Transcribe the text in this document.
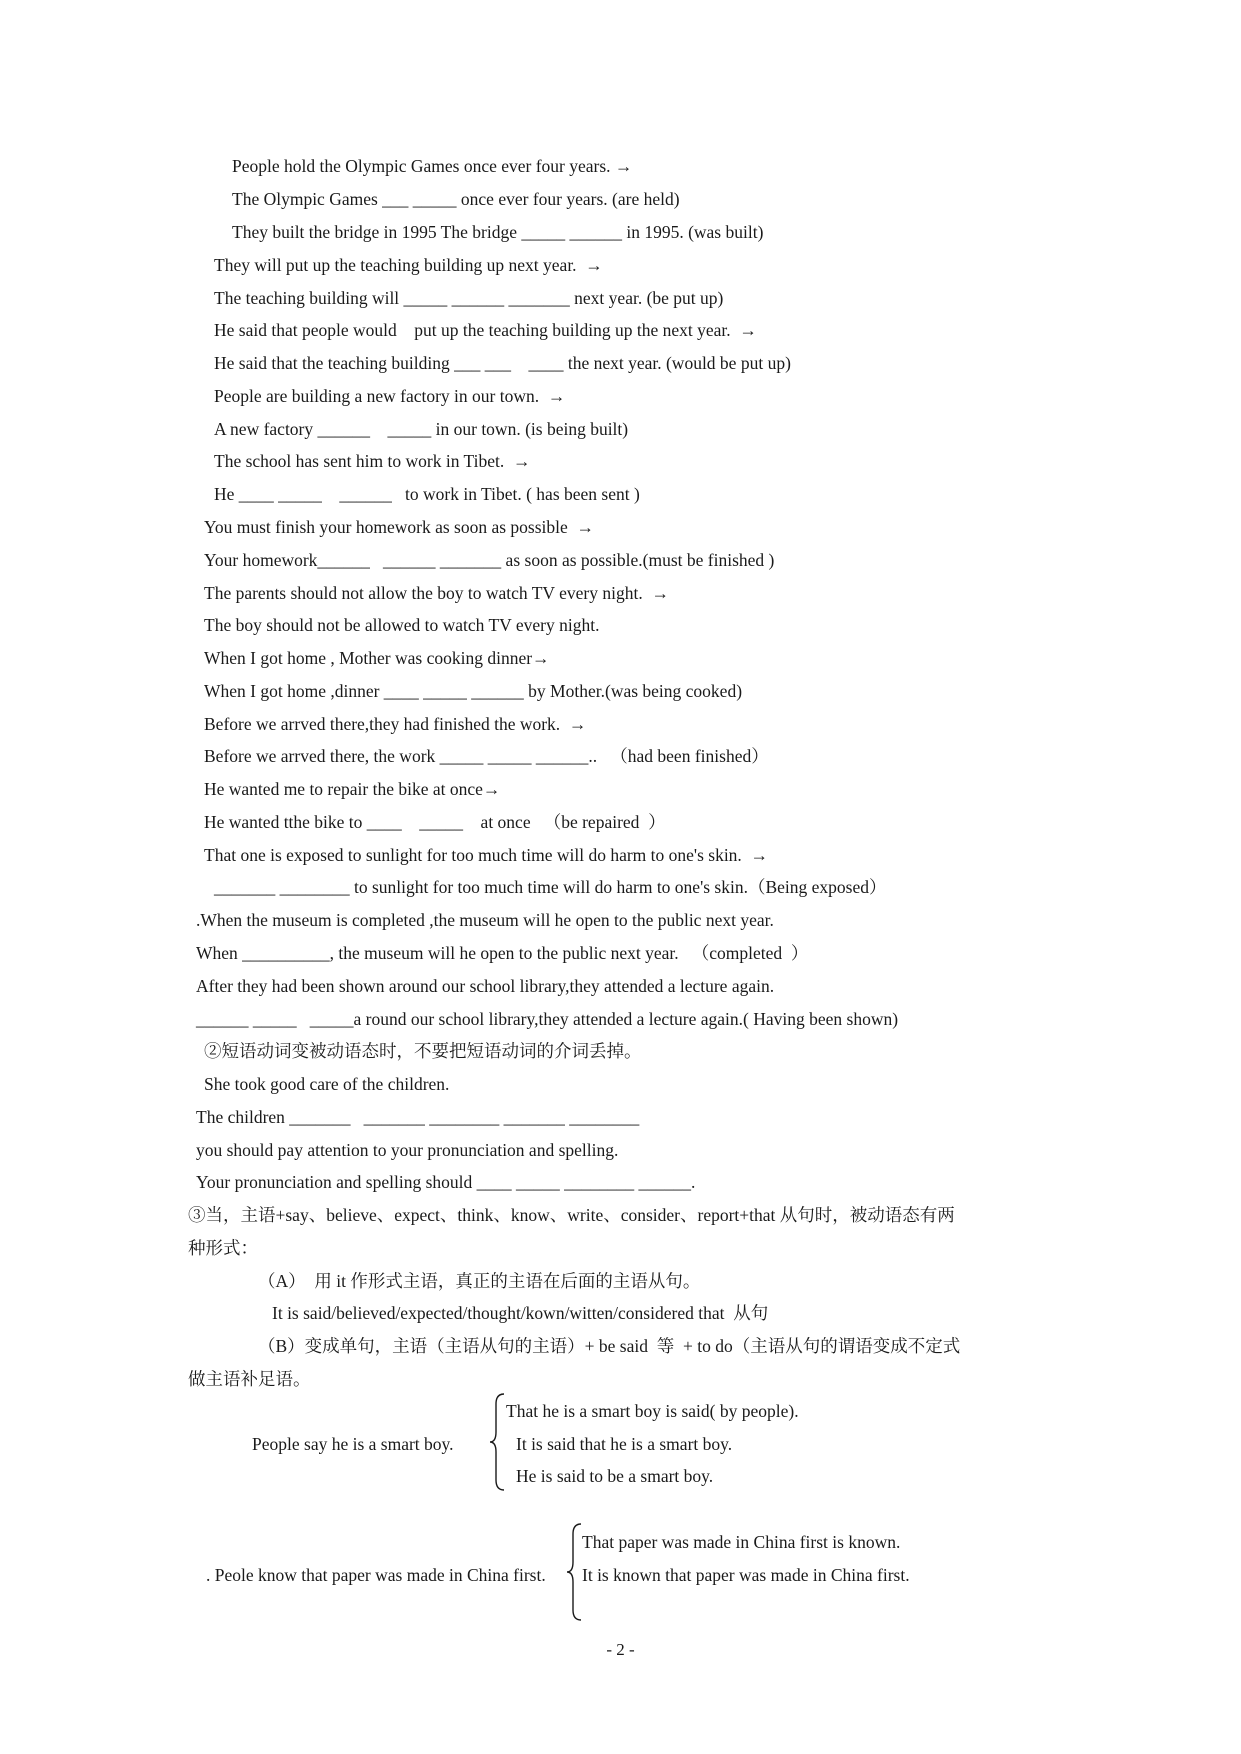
People hold the Olympic Games once ever four years. →
The Olympic Games ___ _____ once ever four years. (are held)
They built the bridge in 1995 The bridge _____ ______ in 1995. (was built)
They will put up the teaching building up next year.  →
The teaching building will _____ ______ _______ next year. (be put up)
He said that people would    put up the teaching building up the next year.  →
He said that the teaching building ___ ___    ____ the next year. (would be put up)
People are building a new factory in our town.  →
A new factory ______    _____ in our town. (is being built)
The school has sent him to work in Tibet.  →
He ____ _____    ______   to work in Tibet. ( has been sent )
You must finish your homework as soon as possible  →
Your homework______   ______ _______ as soon as possible.(must be finished )
The parents should not allow the boy to watch TV every night.  →
The boy should not be allowed to watch TV every night.
When I got home , Mother was cooking dinner→
When I got home ,dinner ____ _____ ______ by Mother.(was being cooked)
Before we arrved there,they had finished the work.  →
Before we arrved there, the work _____ _____ ______..   （had been finished）
He wanted me to repair the bike at once→
He wanted tthe bike to ____    _____    at once   （be repaired  ）
That one is exposed to sunlight for too much time will do harm to one's skin.  →
_______ ________ to sunlight for too much time will do harm to one's skin.（Being exposed）
.When the museum is completed ,the museum will he open to the public next year.
When __________, the museum will he open to the public next year.   （completed  ）
After they had been shown around our school library,they attended a lecture again.
______ _____   _____a round our school library,they attended a lecture again.( Having been shown)
②短语动词变被动语态时，不要把短语动词的介词丢掉。
She took good care of the children.
The children _______   _______ ________ _______ ________
you should pay attention to your pronunciation and spelling.
Your pronunciation and spelling should ____ _____ ________ ______.
③当，主语+say、believe、expect、think、know、write、consider、report+that 从句时，被动语态有两
种形式：
（A）  用 it 作形式主语，真正的主语在后面的主语从句。
It is said/believed/expected/thought/kown/witten/considered that  从句
（B）变成单句，主语（主语从句的主语）+ be said  等  + to do（主语从句的谓语变成不定式
做主语补足语。
People say he is a smart boy.
That he is a smart boy is said( by people).
It is said that he is a smart boy.
He is said to be a smart boy.
. Peole know that paper was made in China first.
That paper was made in China first is known.
It is known that paper was made in China first.
- 2 -
